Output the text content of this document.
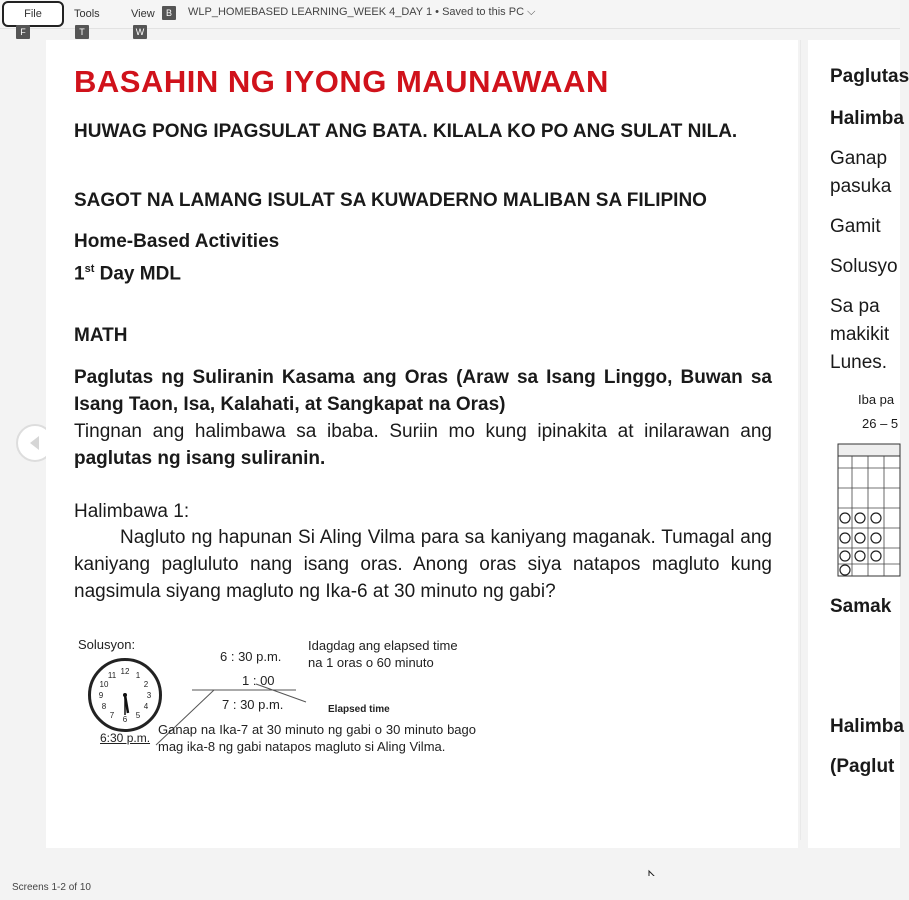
File	Tools	View	B	WLP_HOMEBASED LEARNING_WEEK 4_DAY 1 • Saved to this PC ⌵
F	T	W
BASAHIN NG IYONG MAUNAWAAN

HUWAG PONG IPAGSULAT ANG BATA. KILALA KO PO ANG SULAT NILA.

SAGOT NA LAMANG ISULAT SA KUWADERNO MALIBAN SA FILIPINO

Home-Based Activities

1st Day MDL

MATH

Paglutas ng Suliranin Kasama ang Oras (Araw sa Isang Linggo, Buwan sa Isang Taon, Isa, Kalahati, at Sangkapat na Oras)

Tingnan ang halimbawa sa ibaba. Suriin mo kung ipinakita at inilarawan ang paglutas ng isang suliranin.

Halimbawa 1:

Nagluto ng hapunan Si Aling Vilma para sa kaniyang maganak. Tumagal ang kaniyang pagluluto nang isang oras. Anong oras siya natapos magluto kung nagsimula siyang magluto ng Ika-6 at 30 minuto ng gabi?

Solusyon:
12 1
2
3
4
5
6
7
8
9
10
11
6:30 p.m.
6 : 30 p.m.
1 : 00
7 : 30 p.m.
Idagdag ang elapsed time na 1 oras o 60 minuto
Elapsed time
Ganap na Ika-7 at 30 minuto ng gabi o 30 minuto bago mag ika-8 ng gabi natapos magluto si Aling Vilma.
Paglutas
Halimba
Ganap
pasuka
Gamit
Solusyo
Sa pa
makikit
Lunes.
Iba pa
26 – 5
Samak
Halimba
(Paglut
Screens 1-2 of 10
